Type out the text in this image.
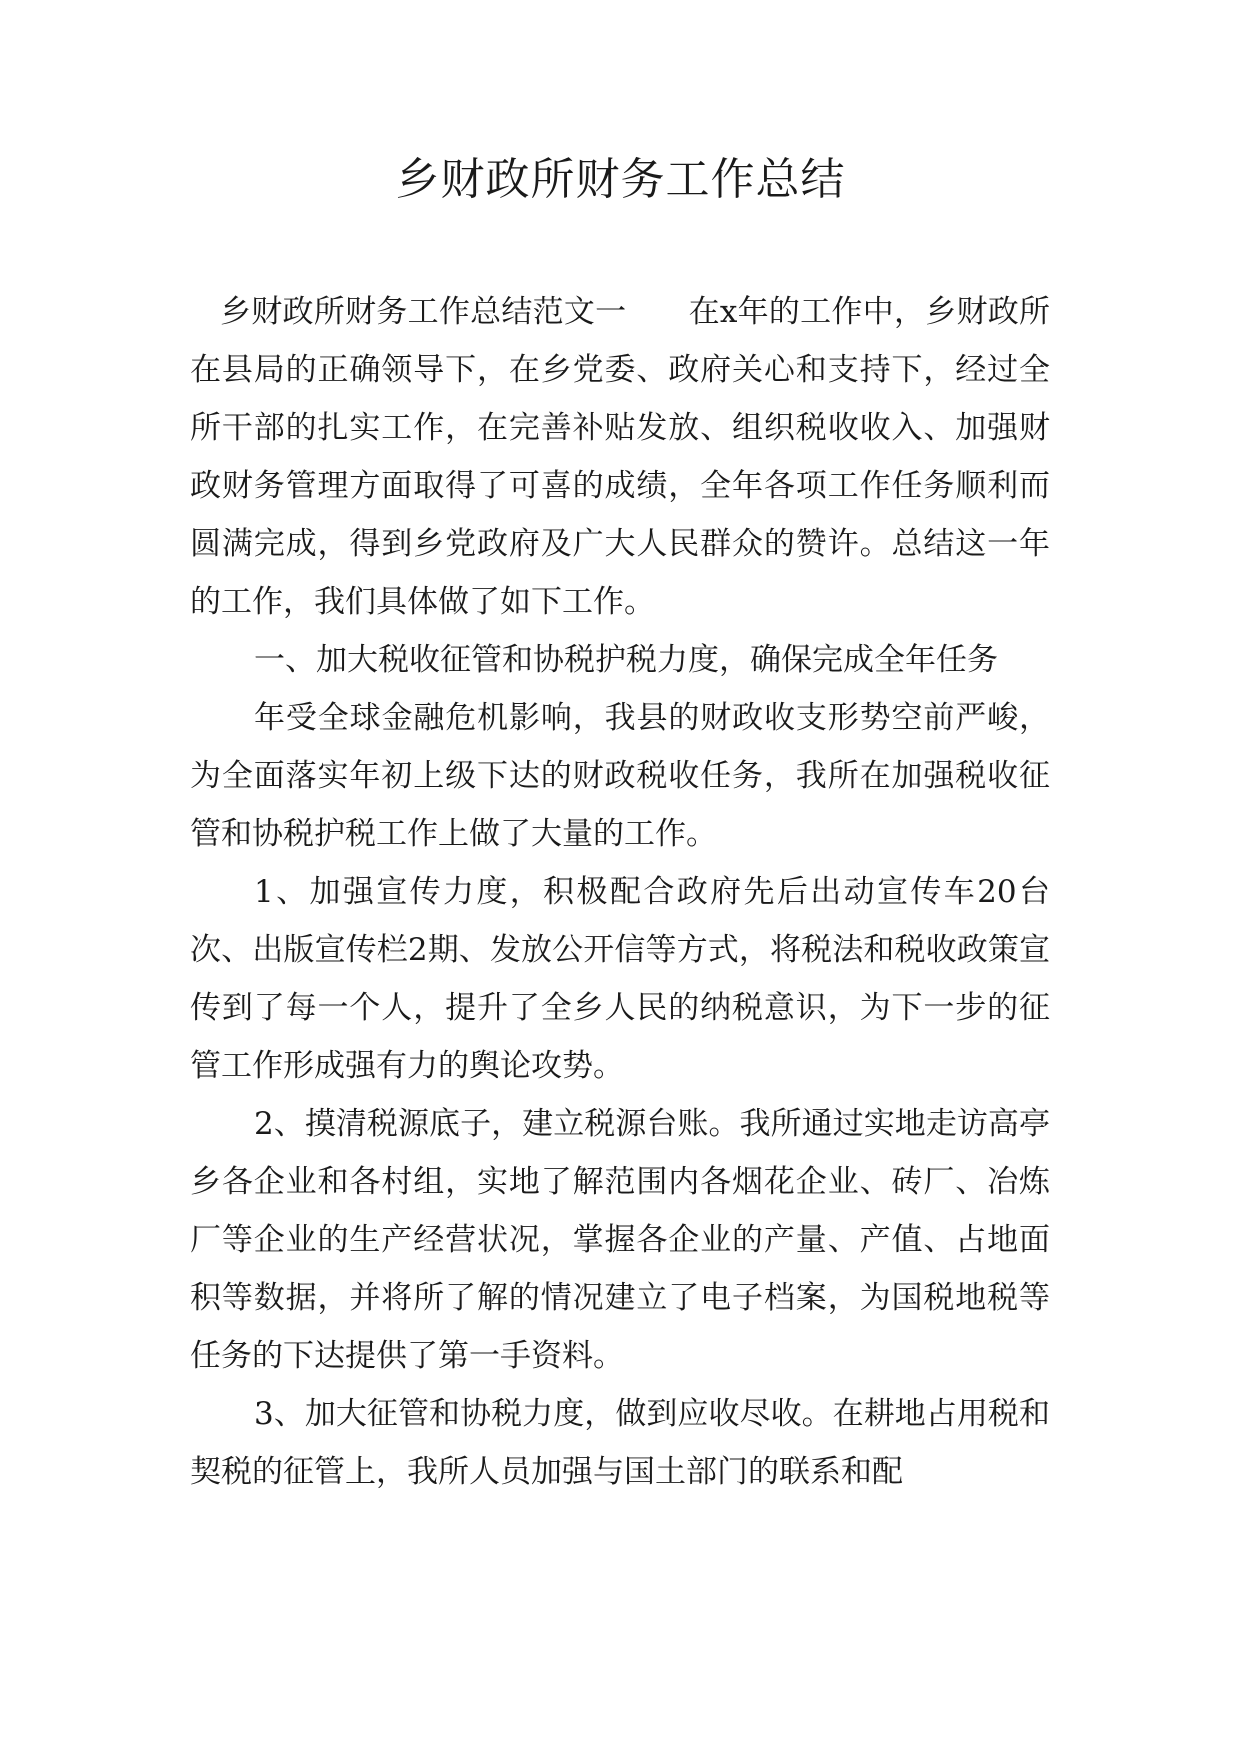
乡财政所财务工作总结

乡财政所财务工作总结范文一 在x年的工作中，乡财政所在县局的正确领导下，在乡党委、政府关心和支持下，经过全所干部的扎实工作，在完善补贴发放、组织税收收入、加强财政财务管理方面取得了可喜的成绩，全年各项工作任务顺利而圆满完成，得到乡党政府及广大人民群众的赞许。总结这一年的工作，我们具体做了如下工作。

一、加大税收征管和协税护税力度，确保完成全年任务

年受全球金融危机影响，我县的财政收支形势空前严峻，为全面落实年初上级下达的财政税收任务，我所在加强税收征管和协税护税工作上做了大量的工作。

1、加强宣传力度，积极配合政府先后出动宣传车20台次、出版宣传栏2期、发放公开信等方式，将税法和税收政策宣传到了每一个人，提升了全乡人民的纳税意识，为下一步的征管工作形成强有力的舆论攻势。

2、摸清税源底子，建立税源台账。我所通过实地走访高亭乡各企业和各村组，实地了解范围内各烟花企业、砖厂、冶炼厂等企业的生产经营状况，掌握各企业的产量、产值、占地面积等数据，并将所了解的情况建立了电子档案，为国税地税等任务的下达提供了第一手资料。

3、加大征管和协税力度，做到应收尽收。在耕地占用税和契税的征管上，我所人员加强与国土部门的联系和配
